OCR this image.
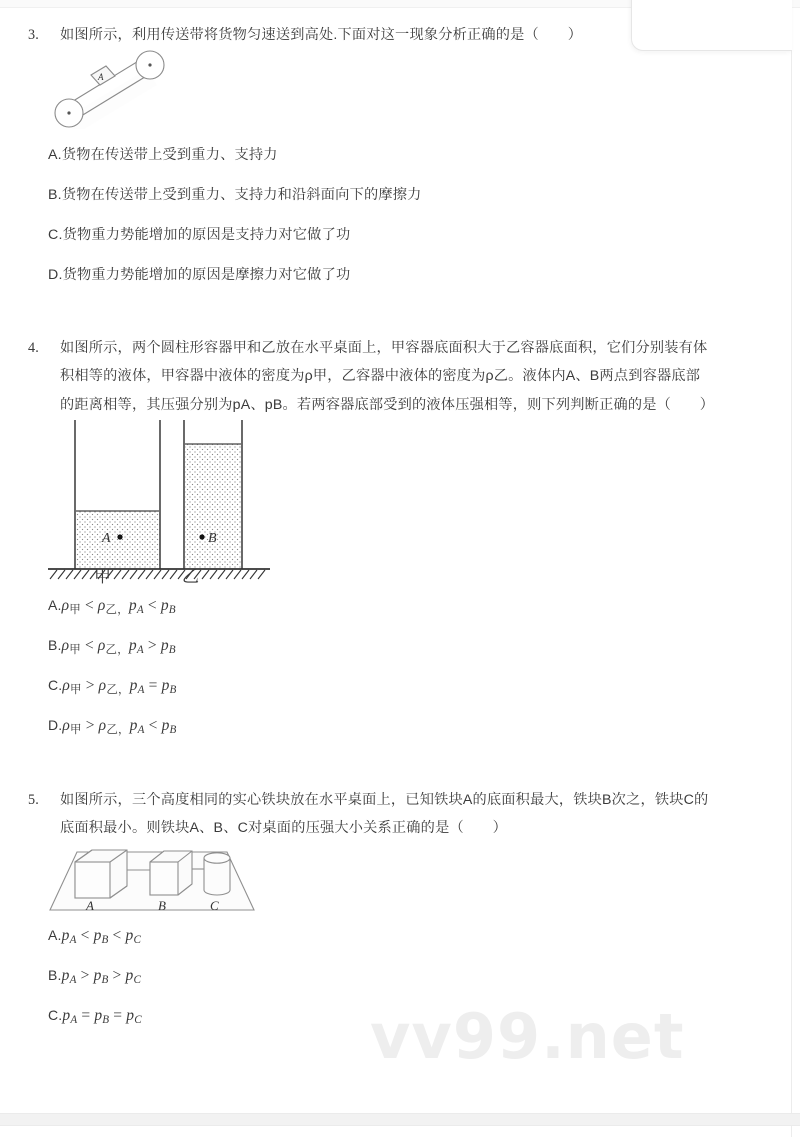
vv99.net
3. 如图所示，利用传送带将货物匀速送到高处.下面对这一现象分析正确的是（　　）
A
A.货物在传送带上受到重力、支持力
B.货物在传送带上受到重力、支持力和沿斜面向下的摩擦力
C.货物重力势能增加的原因是支持力对它做了功
D.货物重力势能增加的原因是摩擦力对它做了功
4. 如图所示，两个圆柱形容器甲和乙放在水平桌面上，甲容器底面积大于乙容器底面积，它们分别装有体
积相等的液体，甲容器中液体的密度为ρ甲，乙容器中液体的密度为ρ乙。液体内A、B两点到容器底部
的距离相等，其压强分别为pA、pB。若两容器底部受到的液体压强相等，则下列判断正确的是（　　）
A	B
甲	乙
A.ρ甲 < ρ乙，$p_A < p_B$
B.ρ甲 < ρ乙，$p_A > p_B$
C.ρ甲 > ρ乙，$p_A = p_B$
D.ρ甲 > ρ乙，$p_A < p_B$
5. 如图所示，三个高度相同的实心铁块放在水平桌面上，已知铁块A的底面积最大，铁块B次之，铁块C的
底面积最小。则铁块A、B、C对桌面的压强大小关系正确的是（　　）
A	B	C
$A.p_A < p_B < p_C$
$B.p_A > p_B > p_C$
$C.p_A = p_B = p_C$
